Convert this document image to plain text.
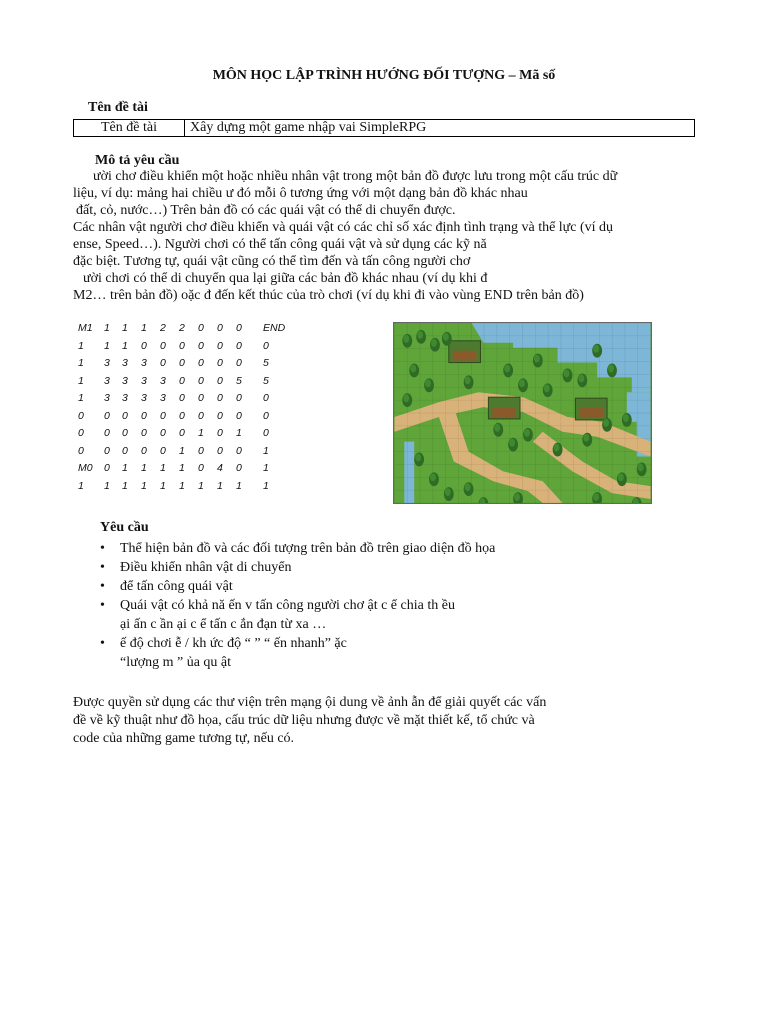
MÔN HỌC LẬP TRÌNH HƯỚNG ĐỐI TƯỢNG – Mã số
Tên đề tài
Tên đề tài	Xây dựng một game nhập vai SimpleRPG
Mô tả yêu cầu
ười chơ điều khiển một hoặc nhiều nhân vật trong một bản đồ được lưu trong một cấu trúc dữ
liệu, ví dụ: mảng hai chiều ư đó mỗi ô tương ứng với một dạng bản đồ khác nhau
đất, cỏ, nước…) Trên bản đồ có các quái vật có thể di chuyển được.
Các nhân vật người chơ điều khiển và quái vật có các chỉ số xác định tình trạng và thể lực (ví dụ
ense, Speed…). Người chơi có thể tấn công quái vật và sử dụng các kỹ nă
đặc biệt. Tương tự, quái vật cũng có thể tìm đến và tấn công người chơ
ười chơi có thể di chuyển qua lại giữa các bản đồ khác nhau (ví dụ khi đ
M2… trên bản đồ) oặc đ đến kết thúc của trò chơi (ví dụ khi đi vào vùng END trên bản đồ)
M1 1 1 1 2 2 0 0 0 END
1 1 1 0 0 0 0 0 0 0
1 3 3 3 0 0 0 0 0 5
1 3 3 3 3 0 0 0 5 5
1 3 3 3 3 0 0 0 0 0
0 0 0 0 0 0 0 0 0 0
0 0 0 0 0 0 1 0 1 0
0 0 0 0 0 1 0 0 0 1
M0 0 1 1 1 1 0 4 0 1
1 1 1 1 1 1 1 1 1 1
Yêu cầu
• Thể hiện bản đồ và các đối tượng trên bản đồ trên giao diện đồ họa
• Điều khiển nhân vật di chuyển
• để tấn công quái vật
• Quái vật có khả nă ến v tấn công người chơ ật c ể chia th ều
ại ấn c ần ại c ể tấn c ắn đạn từ xa …
• ế độ chơi ễ / kh ức độ “ ” “ ến nhanh” ặc
“lượng m ” ủa qu ật
Được quyền sử dụng các thư viện trên mạng ội dung về ảnh ẫn để giải quyết các vấn
đề về kỹ thuật như đồ họa, cấu trúc dữ liệu nhưng được về mặt thiết kế, tổ chức và
code của những game tương tự, nếu có.
